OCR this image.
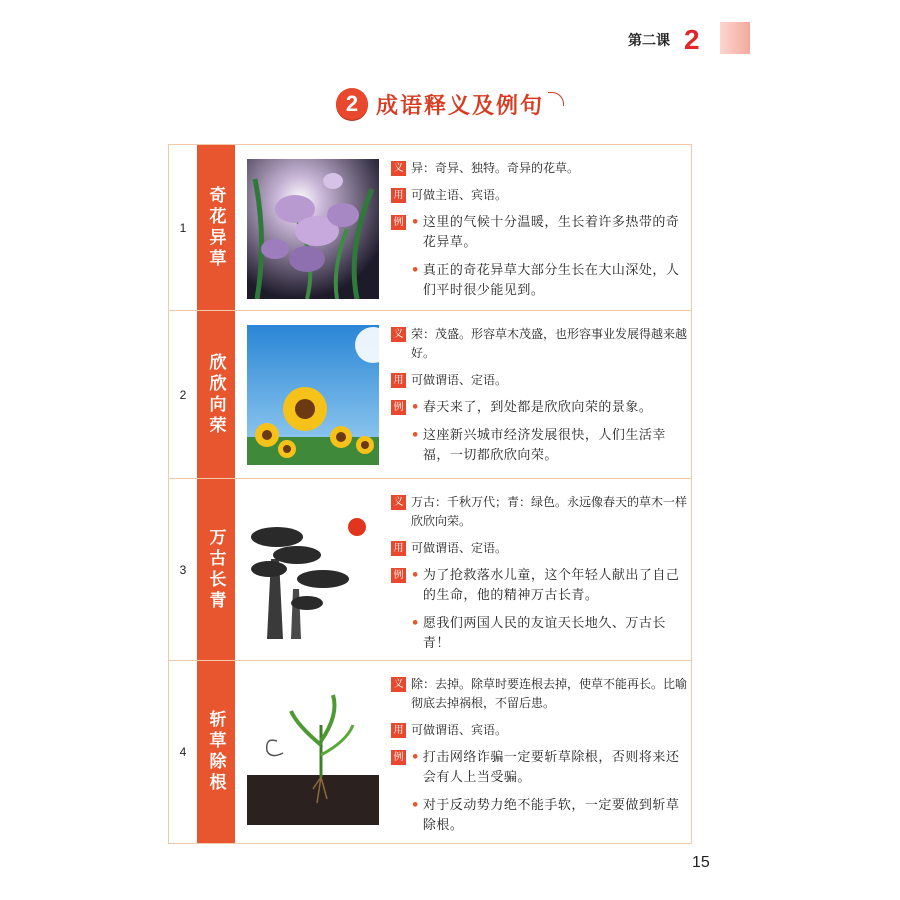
第二课 2
2 成语释义及例句
1	奇花异草
义 异：奇异、独特。奇异的花草。
用 可做主语、宾语。
例 • 这里的气候十分温暖，生长着许多热带的奇花异草。
• 真正的奇花异草大部分生长在大山深处，人们平时很少能见到。
2	欣欣向荣
义 荣：茂盛。形容草木茂盛，也形容事业发展得越来越好。
用 可做谓语、定语。
例 • 春天来了，到处都是欣欣向荣的景象。
• 这座新兴城市经济发展很快，人们生活幸福，一切都欣欣向荣。
3	万古长青
义 万古：千秋万代；青：绿色。永远像春天的草木一样欣欣向荣。
用 可做谓语、定语。
例 • 为了抢救落水儿童，这个年轻人献出了自己的生命，他的精神万古长青。
• 愿我们两国人民的友谊天长地久、万古长青！
4	斩草除根
义 除：去掉。除草时要连根去掉，使草不能再长。比喻彻底去掉祸根，不留后患。
用 可做谓语、宾语。
例 • 打击网络诈骗一定要斩草除根，否则将来还会有人上当受骗。
• 对于反动势力绝不能手软，一定要做到斩草除根。
15
